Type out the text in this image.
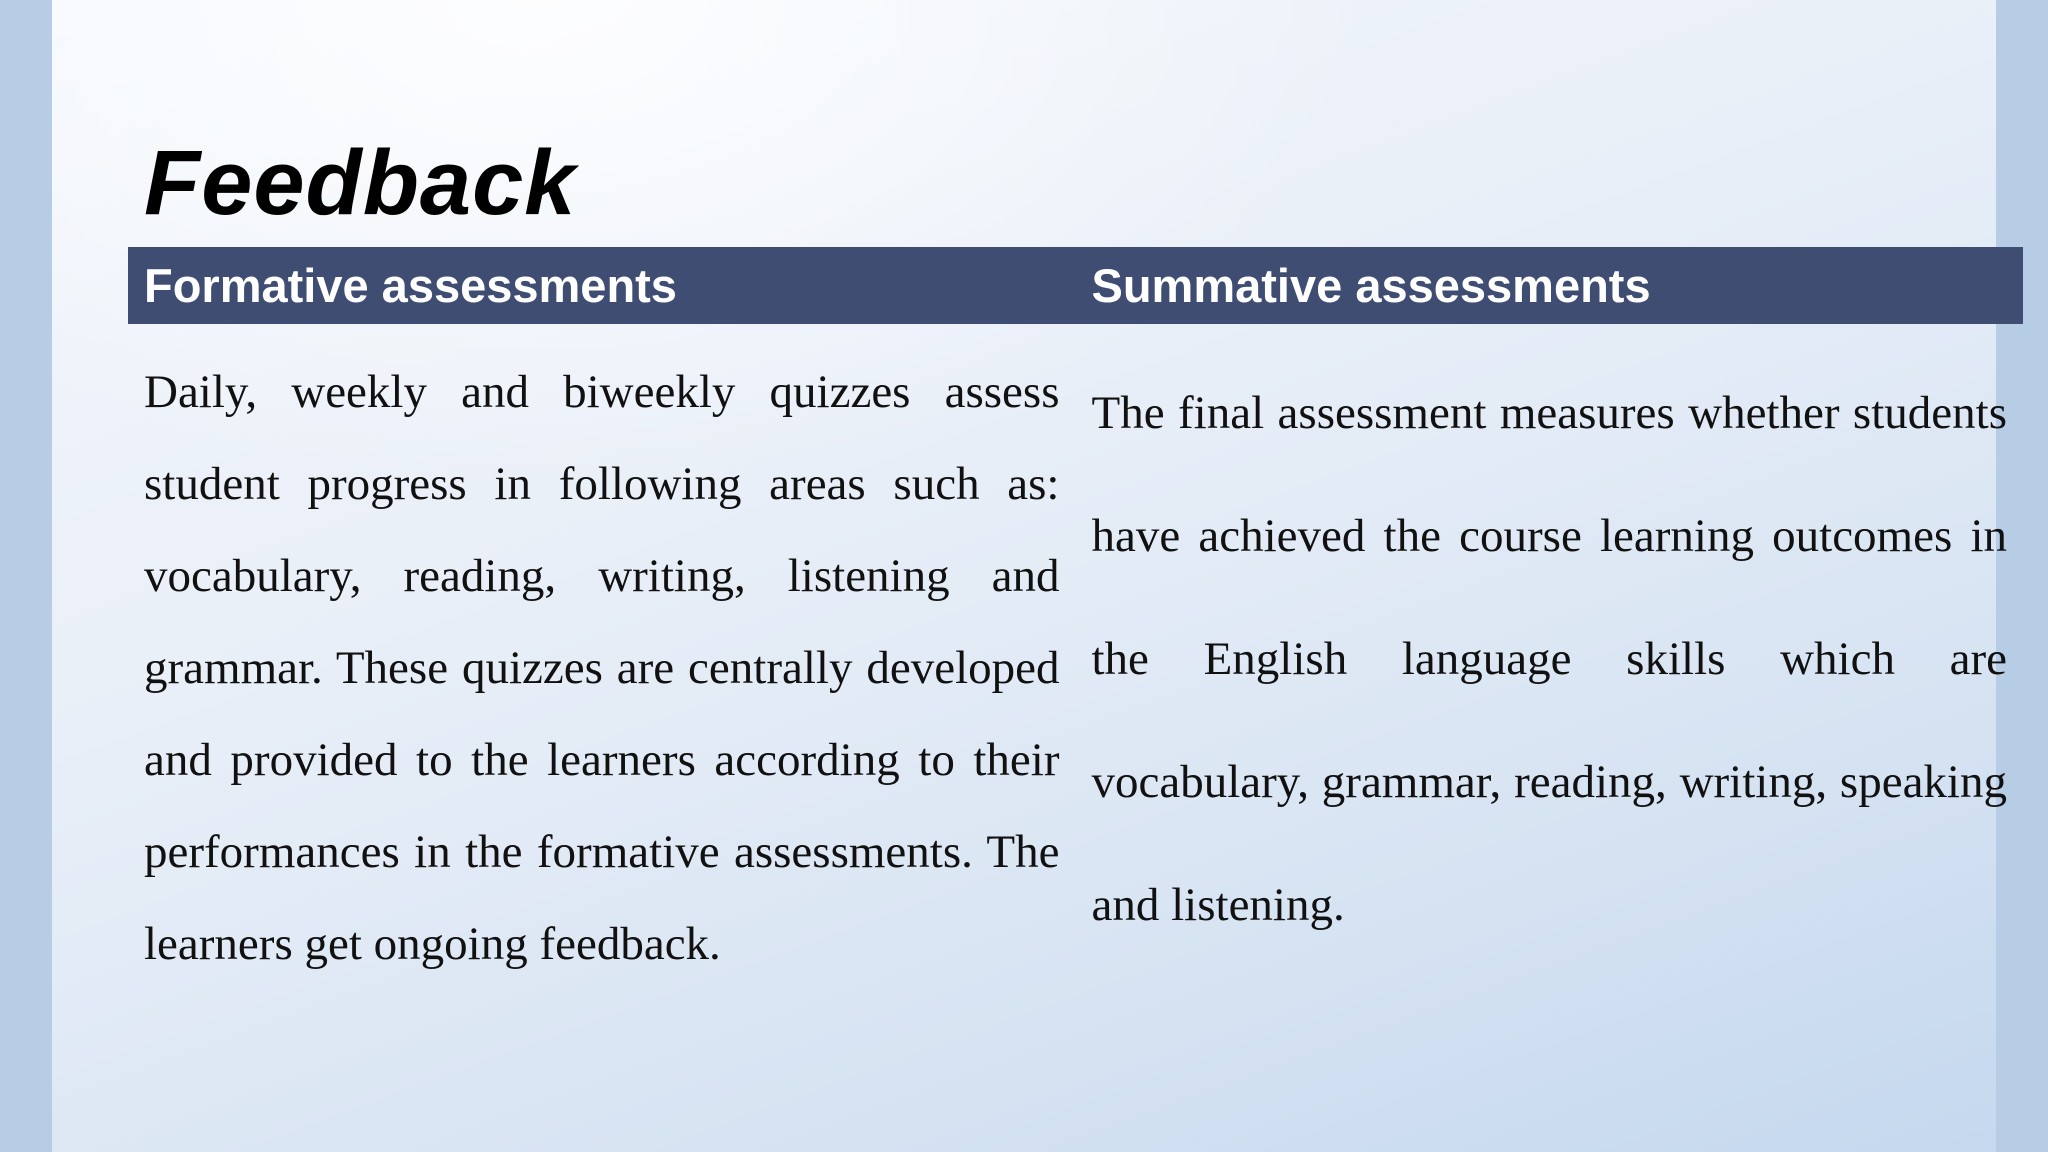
Feedback
Formative assessments	Summative assessments
Daily, weekly and biweekly quizzes assess student progress in following areas such as: vocabulary, reading, writing, listening and grammar. These quizzes are centrally developed and provided to the learners according to their performances in the formative assessments. The learners get ongoing feedback.	The final assessment measures whether students have achieved the course learning outcomes in the English language skills which are vocabulary, grammar, reading, writing, speaking and listening.
